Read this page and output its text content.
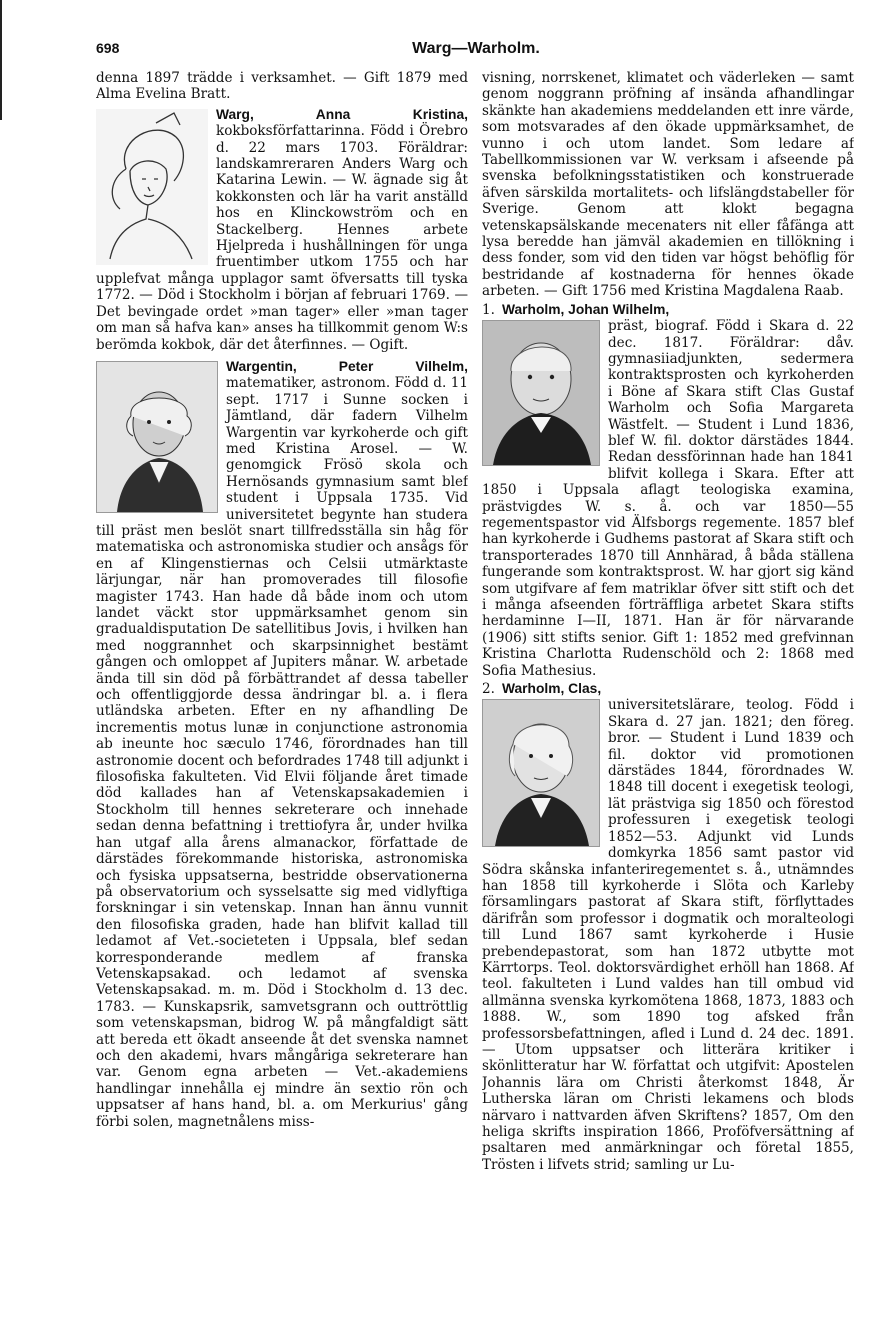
698	Warg—Warholm.

denna 1897 trädde i verksamhet. — Gift 1879 med Alma Evelina Bratt.

Warg, Anna Kristina, kokboksförfattarinna. Född i Örebro d. 22 mars 1703. Föräldrar: landskamreraren Anders Warg och Katarina Lewin. — W. ägnade sig åt kokkonsten och lär ha varit anställd hos en Klinckowström och en Stackelberg. Hennes arbete Hjelpreda i hushållningen för unga fruentimber utkom 1755 och har upplefvat många upplagor samt öfversatts till tyska 1772. — Död i Stockholm i början af februari 1769. — Det bevingade ordet »man tager» eller »man tager om man så hafva kan» anses ha tillkommit genom W:s berömda kokbok, där det återfinnes. — Ogift.

Wargentin, Peter Vilhelm, matematiker, astronom. Född d. 11 sept. 1717 i Sunne socken i Jämtland, där fadern Vilhelm Wargentin var kyrkoherde och gift med Kristina Arosel. — W. genomgick Frösö skola och Hernösands gymnasium samt blef student i Uppsala 1735. Vid universitetet begynte han studera till präst men beslöt snart tillfredsställa sin håg för matematiska och astronomiska studier och ansågs för en af Klingenstiernas och Celsii utmärktaste lärjungar, när han promoverades till filosofie magister 1743. Han hade då både inom och utom landet väckt stor uppmärksamhet genom sin gradualdisputation De satellitibus Jovis, i hvilken han med noggrannhet och skarpsinnighet bestämt gången och omloppet af Jupiters månar. W. arbetade ända till sin död på förbättrandet af dessa tabeller och offentliggjorde dessa ändringar bl. a. i flera utländska arbeten. Efter en ny afhandling De incrementis motus lunæ in conjunctione astronomia ab ineunte hoc sæculo 1746, förordnades han till astronomie docent och befordrades 1748 till adjunkt i filosofiska fakulteten. Vid Elvii följande året timade död kallades han af Vetenskapsakademien i Stockholm till hennes sekreterare och innehade sedan denna befattning i trettiofyra år, under hvilka han utgaf alla årens almanackor, författade de därstädes förekommande historiska, astronomiska och fysiska uppsatserna, bestridde observationerna på observatorium och sysselsatte sig med vidlyftiga forskningar i sin vetenskap. Innan han ännu vunnit den filosofiska graden, hade han blifvit kallad till ledamot af Vet.-societeten i Uppsala, blef sedan korresponderande medlem af franska Vetenskapsakad. och ledamot af svenska Vetenskapsakad. m. m. Död i Stockholm d. 13 dec. 1783. — Kunskapsrik, samvetsgrann och outtröttlig som vetenskapsman, bidrog W. på mångfaldigt sätt att bereda ett ökadt anseende åt det svenska namnet och den akademi, hvars mångåriga sekreterare han var. Genom egna arbeten — Vet.-akademiens handlingar innehålla ej mindre än sextio rön och uppsatser af hans hand, bl. a. om Merkurius' gång förbi solen, magnetnålens miss-

visning, norrskenet, klimatet och väderleken — samt genom noggrann pröfning af insända afhandlingar skänkte han akademiens meddelanden ett inre värde, som motsvarades af den ökade uppmärksamhet, de vunno i och utom landet. Som ledare af Tabellkommissionen var W. verksam i afseende på svenska befolkningsstatistiken och konstruerade äfven särskilda mortalitets- och lifslängdstabeller för Sverige. Genom att klokt begagna vetenskapsälskande mecenaters nit eller fåfänga att lysa beredde han jämväl akademien en tillökning i dess fonder, som vid den tiden var högst behöflig för bestridande af kostnaderna för hennes ökade arbeten. — Gift 1756 med Kristina Magdalena Raab.

1. Warholm, Johan Wilhelm,

präst, biograf. Född i Skara d. 22 dec. 1817. Föräldrar: dåv. gymnasiiadjunkten, sedermera kontraktsprosten och kyrkoherden i Böne af Skara stift Clas Gustaf Warholm och Sofia Margareta Wästfelt. — Student i Lund 1836, blef W. fil. doktor därstädes 1844. Redan dessförinnan hade han 1841 blifvit kollega i Skara. Efter att 1850 i Uppsala aflagt teologiska examina, prästvigdes W. s. å. och var 1850—55 regementspastor vid Älfsborgs regemente. 1857 blef han kyrkoherde i Gudhems pastorat af Skara stift och transporterades 1870 till Annhärad, å båda ställena fungerande som kontraktsprost. W. har gjort sig känd som utgifvare af fem matriklar öfver sitt stift och det i många afseenden förträffliga arbetet Skara stifts herdaminne I—II, 1871. Han är för närvarande (1906) sitt stifts senior. Gift 1: 1852 med grefvinnan Kristina Charlotta Rudenschöld och 2: 1868 med Sofia Mathesius.

2. Warholm, Clas,

universitetslärare, teolog. Född i Skara d. 27 jan. 1821; den föreg. bror. — Student i Lund 1839 och fil. doktor vid promotionen därstädes 1844, förordnades W. 1848 till docent i exegetisk teologi, lät prästviga sig 1850 och förestod professuren i exegetisk teologi 1852—53. Adjunkt vid Lunds domkyrka 1856 samt pastor vid Södra skånska infanteriregementet s. å., utnämndes han 1858 till kyrkoherde i Slöta och Karleby församlingars pastorat af Skara stift, förflyttades därifrån som professor i dogmatik och moralteologi till Lund 1867 samt kyrkoherde i Husie prebendepastorat, som han 1872 utbytte mot Kärrtorps. Teol. doktorsvärdighet erhöll han 1868. Af teol. fakulteten i Lund valdes han till ombud vid allmänna svenska kyrkomötena 1868, 1873, 1883 och 1888. W., som 1890 tog afsked från professorsbefattningen, afled i Lund d. 24 dec. 1891. — Utom uppsatser och litterära kritiker i skönlitteratur har W. författat och utgifvit: Apostelen Johannis lära om Christi återkomst 1848, Är Lutherska läran om Christi lekamens och blods närvaro i nattvarden äfven Skriftens? 1857, Om den heliga skrifts inspiration 1866, Proföfversättning af psaltaren med anmärkningar och företal 1855, Trösten i lifvets strid; samling ur Lu-
